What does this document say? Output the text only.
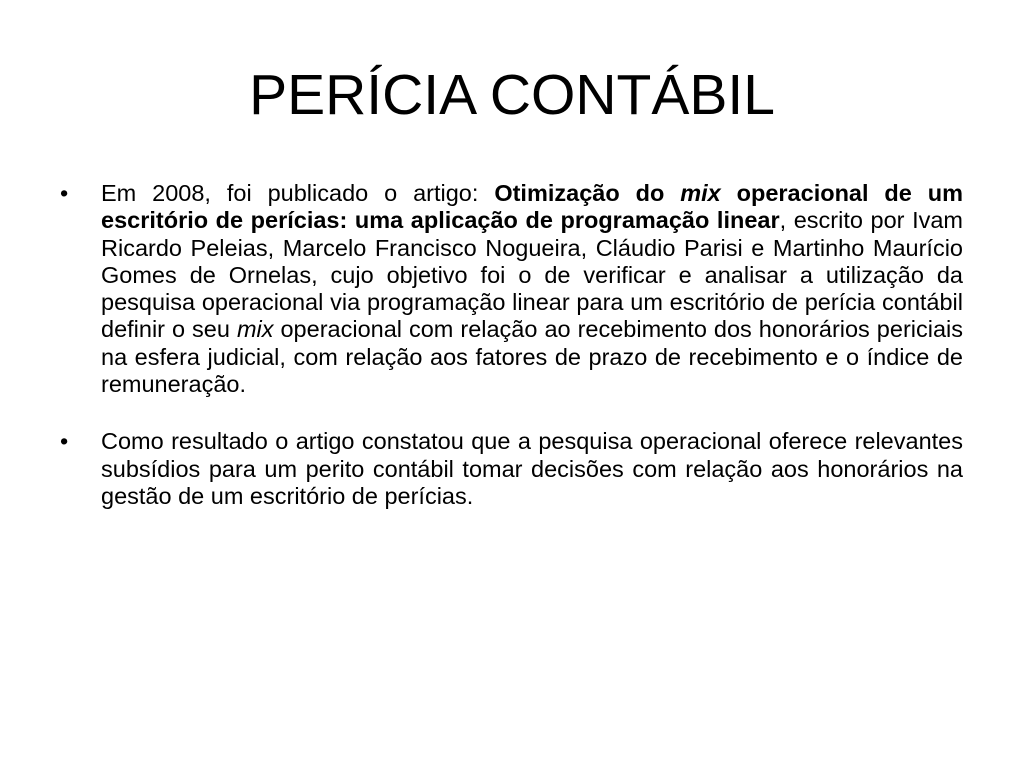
PERÍCIA CONTÁBIL
• Em 2008, foi publicado o artigo: Otimização do mix operacional de um escritório de perícias: uma aplicação de programação linear, escrito por Ivam Ricardo Peleias, Marcelo Francisco Nogueira, Cláudio Parisi e Martinho Maurício Gomes de Ornelas, cujo objetivo foi o de verificar e analisar a utilização da pesquisa operacional via programação linear para um escritório de perícia contábil definir o seu mix operacional com relação ao recebimento dos honorários periciais na esfera judicial, com relação aos fatores de prazo de recebimento e o índice de remuneração.
• Como resultado o artigo constatou que a pesquisa operacional oferece relevantes subsídios para um perito contábil tomar decisões com relação aos honorários na gestão de um escritório de perícias.
